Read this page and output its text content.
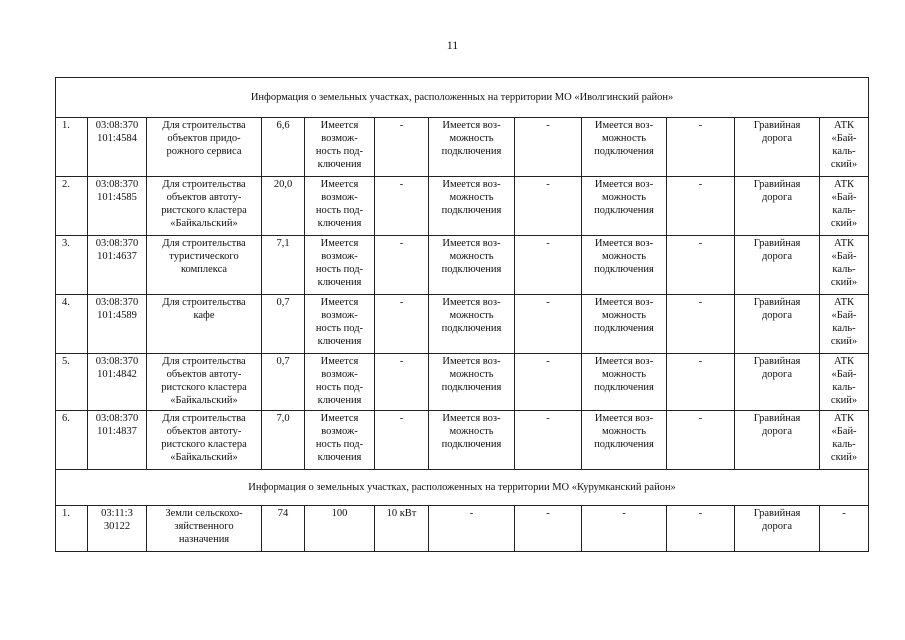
11
Информация о земельных участках, расположенных на территории МО «Иволгинский район»											
1.	03:08:370
101:4584	Для строительства
объектов придо-
рожного сервиса	6,6	Имеется
возмож-
ность под-
ключения	-	Имеется воз-
можность
подключения	-	Имеется воз-
можность
подключения	-	Гравийная
дорога	АТК
«Бай-
каль-
ский»
2.	03:08:370
101:4585	Для строительства
объектов автоту-
ристского кластера
«Байкальский»	20,0	Имеется
возмож-
ность под-
ключения	-	Имеется воз-
можность
подключения	-	Имеется воз-
можность
подключения	-	Гравийная
дорога	АТК
«Бай-
каль-
ский»
3.	03:08:370
101:4637	Для строительства
туристического
комплекса	7,1	Имеется
возмож-
ность под-
ключения	-	Имеется воз-
можность
подключения	-	Имеется воз-
можность
подключения	-	Гравийная
дорога	АТК
«Бай-
каль-
ский»
4.	03:08:370
101:4589	Для строительства
кафе	0,7	Имеется
возмож-
ность под-
ключения	-	Имеется воз-
можность
подключения	-	Имеется воз-
можность
подключения	-	Гравийная
дорога	АТК
«Бай-
каль-
ский»
5.	03:08:370
101:4842	Для строительства
объектов автоту-
ристского кластера
«Байкальский»	0,7	Имеется
возмож-
ность под-
ключения	-	Имеется воз-
можность
подключения	-	Имеется воз-
можность
подключения	-	Гравийная
дорога	АТК
«Бай-
каль-
ский»
6.	03:08:370
101:4837	Для строительства
объектов автоту-
ристского кластера
«Байкальский»	7,0	Имеется
возмож-
ность под-
ключения	-	Имеется воз-
можность
подключения	-	Имеется воз-
можность
подключения	-	Гравийная
дорога	АТК
«Бай-
каль-
ский»
Информация о земельных участках, расположенных на территории МО «Курумканский район»											
1.	03:11:3
30122	Земли сельскохо-
зяйственного
назначения	74	100	10 кВт	-	-	-	-	Гравийная
дорога	-
